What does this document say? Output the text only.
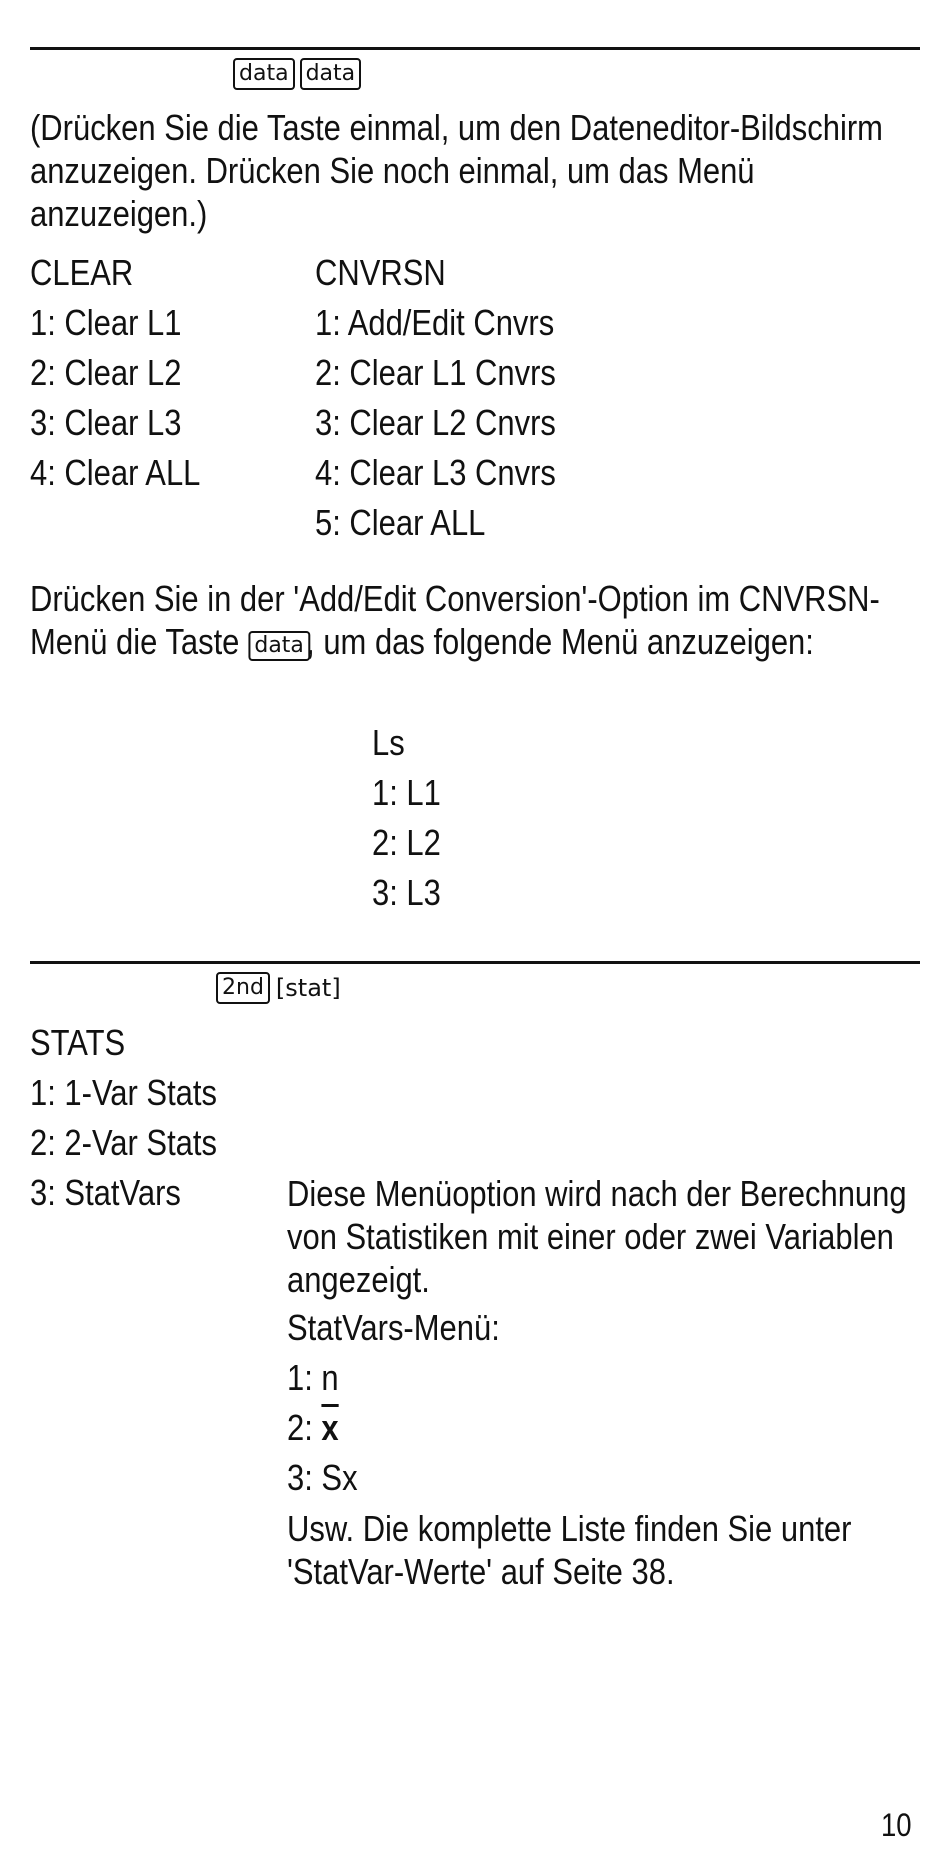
data data
(Drücken Sie die Taste einmal, um den Dateneditor-Bildschirm anzuzeigen. Drücken Sie noch einmal, um das Menü anzuzeigen.)
CLEAR
1: Clear L1
2: Clear L2
3: Clear L3
4: Clear ALL
CNVRSN
1: Add/Edit Cnvrs
2: Clear L1 Cnvrs
3: Clear L2 Cnvrs
4: Clear L3 Cnvrs
5: Clear ALL
Drücken Sie in der 'Add/Edit Conversion'-Option im CNVRSN-Menü die Taste data, um das folgende Menü anzuzeigen:
Ls
1: L1
2: L2
3: L3
2nd [stat]
STATS
1: 1-Var Stats
2: 2-Var Stats
3: StatVars	Diese Menüoption wird nach der Berechnung von Statistiken mit einer oder zwei Variablen angezeigt.
StatVars-Menü:
1: n
2: $\overline{x}$
3: Sx
Usw. Die komplette Liste finden Sie unter 'StatVar-Werte' auf Seite 38.
10
